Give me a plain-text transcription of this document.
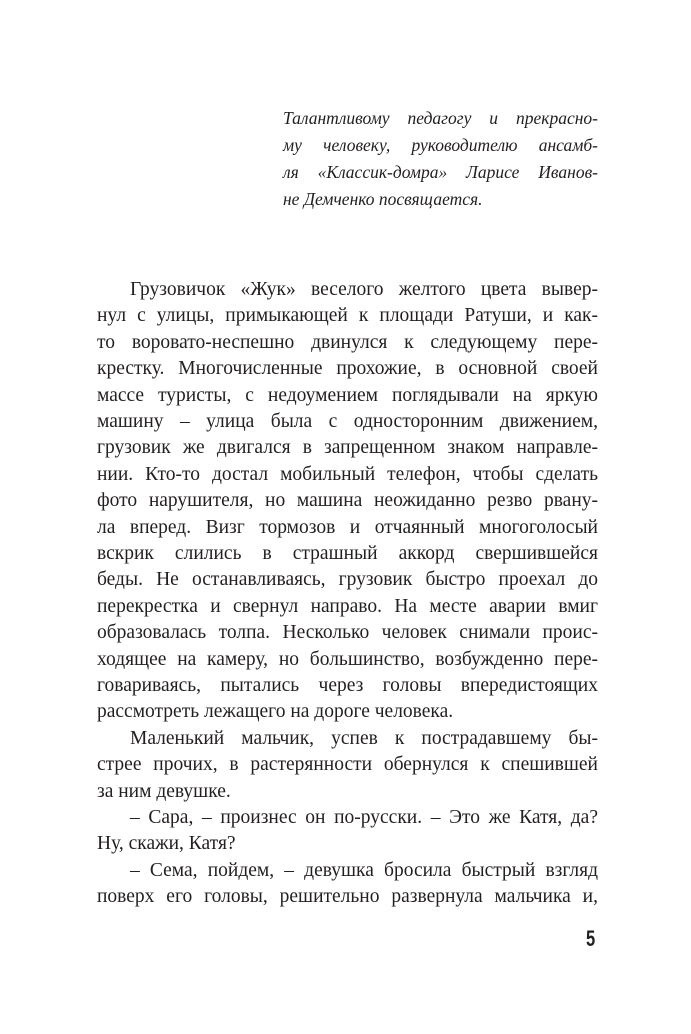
Талантливому педагогу и прекрасно-
му человеку, руководителю ансамб-
ля «Классик-домра» Ларисе Иванов-
не Демченко посвящается.
Грузовичок «Жук» веселого желтого цвета вывер-
нул с улицы, примыкающей к площади Ратуши, и как-
то воровато-неспешно двинулся к следующему пере-
крестку. Многочисленные прохожие, в основной своей
массе туристы, с недоумением поглядывали на яркую
машину – улица была с односторонним движением,
грузовик же двигался в запрещенном знаком направле-
нии. Кто-то достал мобильный телефон, чтобы сделать
фото нарушителя, но машина неожиданно резво рвану-
ла вперед. Визг тормозов и отчаянный многоголосый
вскрик слились в страшный аккорд свершившейся
беды. Не останавливаясь, грузовик быстро проехал до
перекрестка и свернул направо. На месте аварии вмиг
образовалась толпа. Несколько человек снимали проис-
ходящее на камеру, но большинство, возбужденно пере-
говариваясь, пытались через головы впередистоящих
рассмотреть лежащего на дороге человека.
Маленький мальчик, успев к пострадавшему бы-
стрее прочих, в растерянности обернулся к спешившей
за ним девушке.
– Сара, – произнес он по-русски. – Это же Катя, да?
Ну, скажи, Катя?
– Сема, пойдем, – девушка бросила быстрый взгляд
поверх его головы, решительно развернула мальчика и,
5
